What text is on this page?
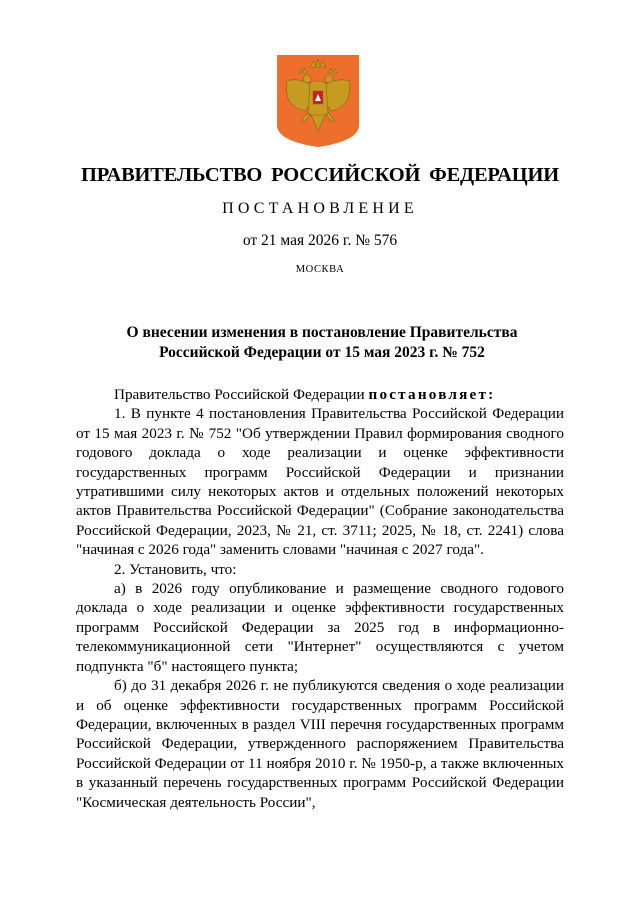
ПРАВИТЕЛЬСТВО РОССИЙСКОЙ ФЕДЕРАЦИИ
ПОСТАНОВЛЕНИЕ
от 21 мая 2026 г. № 576
МОСКВА
О внесении изменения в постановление Правительства
Российской Федерации от 15 мая 2023 г. № 752

Правительство Российской Федерации постановляет:

1. В пункте 4 постановления Правительства Российской Федерации от 15 мая 2023 г. № 752 "Об утверждении Правил формирования сводного годового доклада о ходе реализации и оценке эффективности государственных программ Российской Федерации и признании утратившими силу некоторых актов и отдельных положений некоторых актов Правительства Российской Федерации" (Собрание законодательства Российской Федерации, 2023, № 21, ст. 3711; 2025, № 18, ст. 2241) слова "начиная с 2026 года" заменить словами "начиная с 2027 года".

2. Установить, что:

а) в 2026 году опубликование и размещение сводного годового доклада о ходе реализации и оценке эффективности государственных программ Российской Федерации за 2025 год в информационно-телекоммуникационной сети "Интернет" осуществляются с учетом подпункта "б" настоящего пункта;

б) до 31 декабря 2026 г. не публикуются сведения о ходе реализации и об оценке эффективности государственных программ Российской Федерации, включенных в раздел VIII перечня государственных программ Российской Федерации, утвержденного распоряжением Правительства Российской Федерации от 11 ноября 2010 г. № 1950-р, а также включенных в указанный перечень государственных программ Российской Федерации "Космическая деятельность России",
